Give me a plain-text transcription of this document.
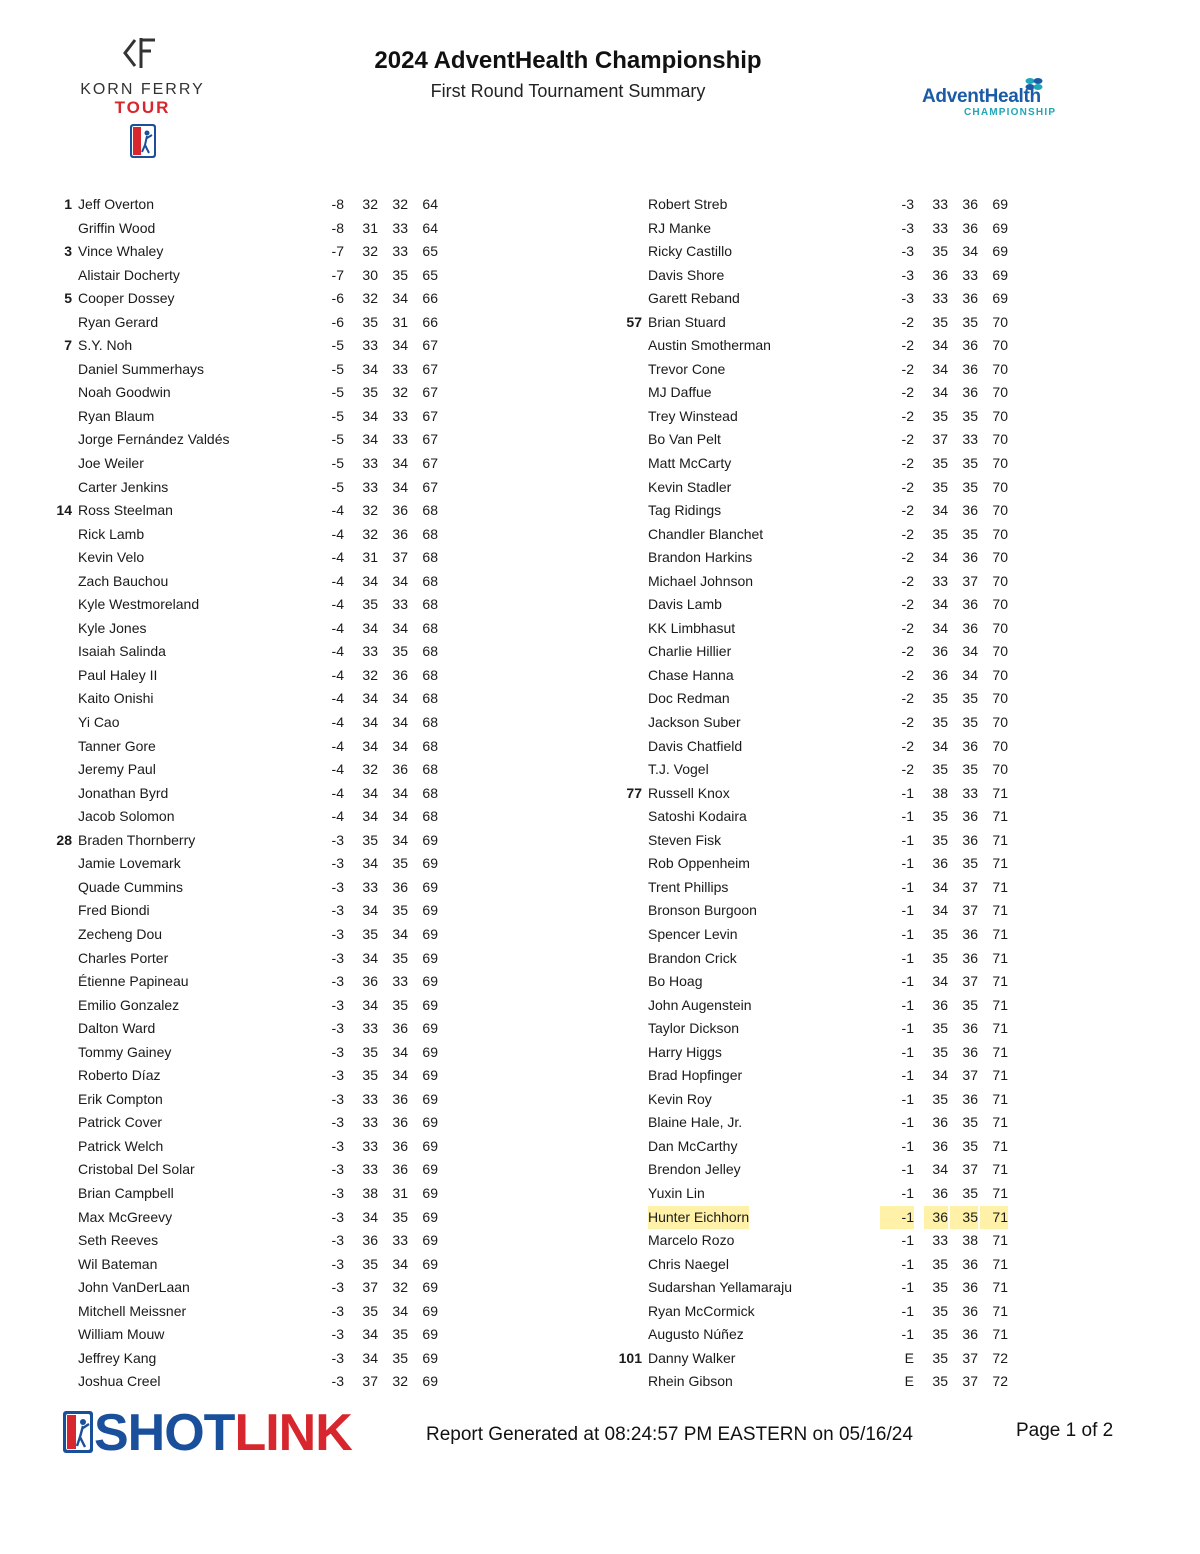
KORN FERRY
TOUR
2024 AdventHealth Championship
First Round Tournament Summary	AdventHealth
CHAMPIONSHIP
1 Jeff Overton	-8	32	32	64
Griffin Wood	-8	31	33	64
3 Vince Whaley	-7	32	33	65
Alistair Docherty	-7	30	35	65
5 Cooper Dossey	-6	32	34	66
Ryan Gerard	-6	35	31	66
7 S.Y. Noh	-5	33	34	67
Daniel Summerhays	-5	34	33	67
Noah Goodwin	-5	35	32	67
Ryan Blaum	-5	34	33	67
Jorge Fernández Valdés	-5	34	33	67
Joe Weiler	-5	33	34	67
Carter Jenkins	-5	33	34	67
14 Ross Steelman	-4	32	36	68
Rick Lamb	-4	32	36	68
Kevin Velo	-4	31	37	68
Zach Bauchou	-4	34	34	68
Kyle Westmoreland	-4	35	33	68
Kyle Jones	-4	34	34	68
Isaiah Salinda	-4	33	35	68
Paul Haley II	-4	32	36	68
Kaito Onishi	-4	34	34	68
Yi Cao	-4	34	34	68
Tanner Gore	-4	34	34	68
Jeremy Paul	-4	32	36	68
Jonathan Byrd	-4	34	34	68
Jacob Solomon	-4	34	34	68
28 Braden Thornberry	-3	35	34	69
Jamie Lovemark	-3	34	35	69
Quade Cummins	-3	33	36	69
Fred Biondi	-3	34	35	69
Zecheng Dou	-3	35	34	69
Charles Porter	-3	34	35	69
Étienne Papineau	-3	36	33	69
Emilio Gonzalez	-3	34	35	69
Dalton Ward	-3	33	36	69
Tommy Gainey	-3	35	34	69
Roberto Díaz	-3	35	34	69
Erik Compton	-3	33	36	69
Patrick Cover	-3	33	36	69
Patrick Welch	-3	33	36	69
Cristobal Del Solar	-3	33	36	69
Brian Campbell	-3	38	31	69
Max McGreevy	-3	34	35	69
Seth Reeves	-3	36	33	69
Wil Bateman	-3	35	34	69
John VanDerLaan	-3	37	32	69
Mitchell Meissner	-3	35	34	69
William Mouw	-3	34	35	69
Jeffrey Kang	-3	34	35	69
Joshua Creel	-3	37	32	69
Robert Streb	-3	33	36	69
RJ Manke	-3	33	36	69
Ricky Castillo	-3	35	34	69
Davis Shore	-3	36	33	69
Garett Reband	-3	33	36	69
57 Brian Stuard	-2	35	35	70
Austin Smotherman	-2	34	36	70
Trevor Cone	-2	34	36	70
MJ Daffue	-2	34	36	70
Trey Winstead	-2	35	35	70
Bo Van Pelt	-2	37	33	70
Matt McCarty	-2	35	35	70
Kevin Stadler	-2	35	35	70
Tag Ridings	-2	34	36	70
Chandler Blanchet	-2	35	35	70
Brandon Harkins	-2	34	36	70
Michael Johnson	-2	33	37	70
Davis Lamb	-2	34	36	70
KK Limbhasut	-2	34	36	70
Charlie Hillier	-2	36	34	70
Chase Hanna	-2	36	34	70
Doc Redman	-2	35	35	70
Jackson Suber	-2	35	35	70
Davis Chatfield	-2	34	36	70
T.J. Vogel	-2	35	35	70
77 Russell Knox	-1	38	33	71
Satoshi Kodaira	-1	35	36	71
Steven Fisk	-1	35	36	71
Rob Oppenheim	-1	36	35	71
Trent Phillips	-1	34	37	71
Bronson Burgoon	-1	34	37	71
Spencer Levin	-1	35	36	71
Brandon Crick	-1	35	36	71
Bo Hoag	-1	34	37	71
John Augenstein	-1	36	35	71
Taylor Dickson	-1	35	36	71
Harry Higgs	-1	35	36	71
Brad Hopfinger	-1	34	37	71
Kevin Roy	-1	35	36	71
Blaine Hale, Jr.	-1	36	35	71
Dan McCarthy	-1	36	35	71
Brendon Jelley	-1	34	37	71
Yuxin Lin	-1	36	35	71
Hunter Eichhorn	-1	36	35	71
Marcelo Rozo	-1	33	38	71
Chris Naegel	-1	35	36	71
Sudarshan Yellamaraju	-1	35	36	71
Ryan McCormick	-1	35	36	71
Augusto Núñez	-1	35	36	71
101 Danny Walker	E	35	37	72
Rhein Gibson	E	35	37	72
SHOTLINK	Report Generated at 08:24:57 PM EASTERN on 05/16/24	Page 1 of 2
